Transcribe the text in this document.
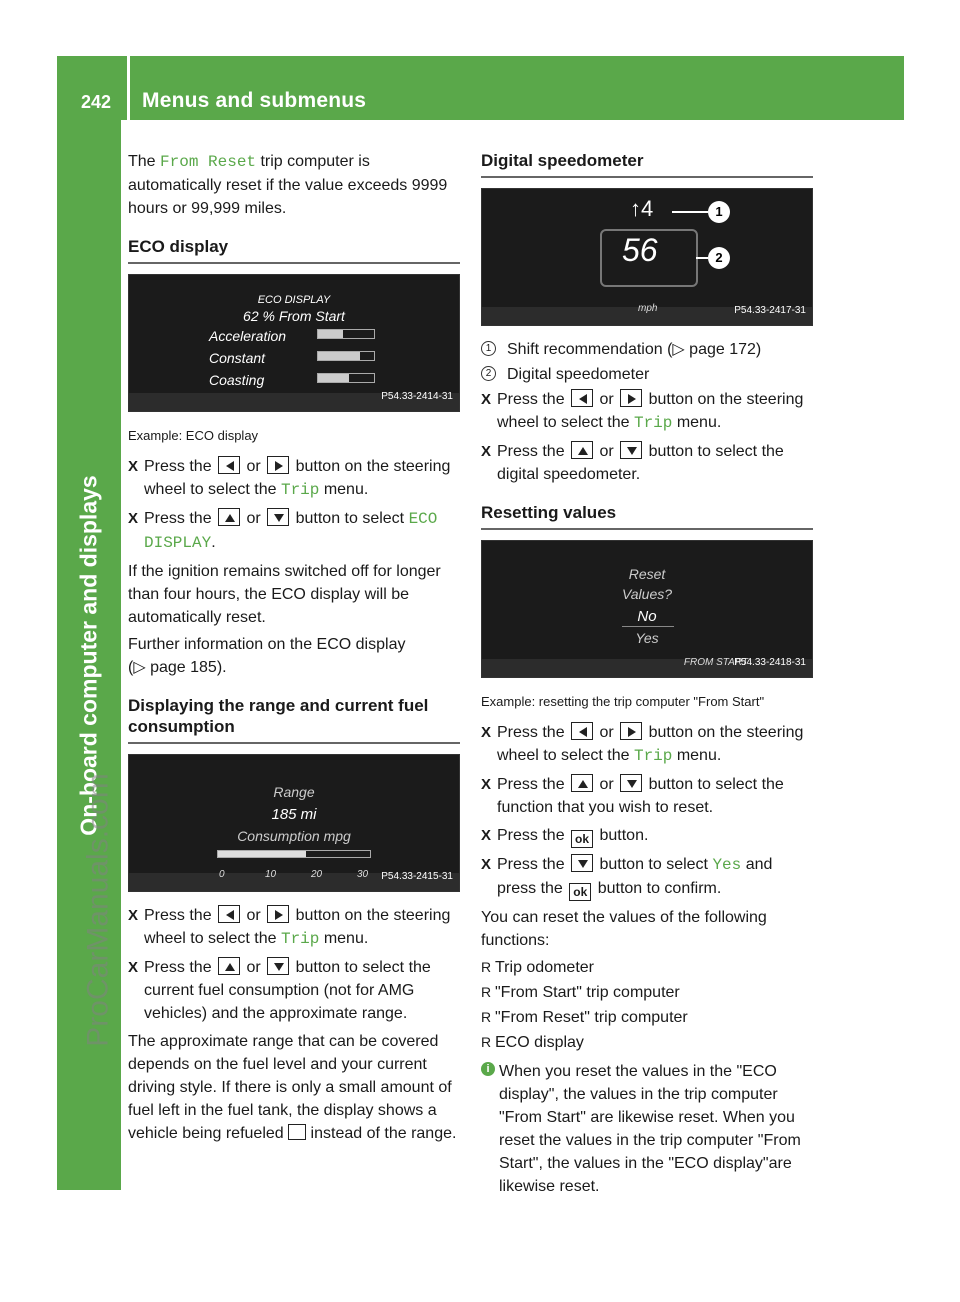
242 Menus and submenus
On-board computer and displays
ProCarManuals.com

The From Reset trip computer is automatically reset if the value exceeds 9999 hours or 99,999 miles.

ECO display
ECO DISPLAY
62 % From Start
Acceleration
Constant
Coasting
P54.33-2414-31

Example: ECO display

X Press the
or
button on the steering wheel to select the Trip menu.
X Press the
or
button to select ECO DISPLAY.

If the ignition remains switched off for longer than four hours, the ECO display will be automatically reset.

Further information on the ECO display
(▷ page 185).

Displaying the range and current fuel consumption
Range
185 mi
Consumption mpg
0	10	20	30 P54.33-2415-31
X Press the
or
button on the steering wheel to select the Trip menu.
X Press the
or
button to select the current fuel consumption (not for AMG vehicles) and the approximate range.

The approximate range that can be covered depends on the fuel level and your current driving style. If there is only a small amount of fuel left in the fuel tank, the display shows a vehicle being refueled  instead of the range.

Digital speedometer
↑4
56
mph
1
2
P54.33-2417-31
1 Shift recommendation (▷ page 172)
2 Digital speedometer
X Press the
or
button on the steering wheel to select the Trip menu.
X Press the
or
button to select the digital speedometer.
Resetting values
Reset
Values?
No
Yes
FROM START
P54.33-2418-31

Example: resetting the trip computer "From Start"

X Press the
or
button on the steering wheel to select the Trip menu.
X Press the
or
button to select the function that you wish to reset.
X Press the ok button.
X Press the
button to select Yes and press the ok button to confirm.

You can reset the values of the following functions:

R Trip odometer
R "From Start" trip computer
R "From Reset" trip computer
R ECO display
i When you reset the values in the "ECO display", the values in the trip computer "From Start" are likewise reset. When you reset the values in the trip computer "From Start", the values in the "ECO display"are likewise reset.
